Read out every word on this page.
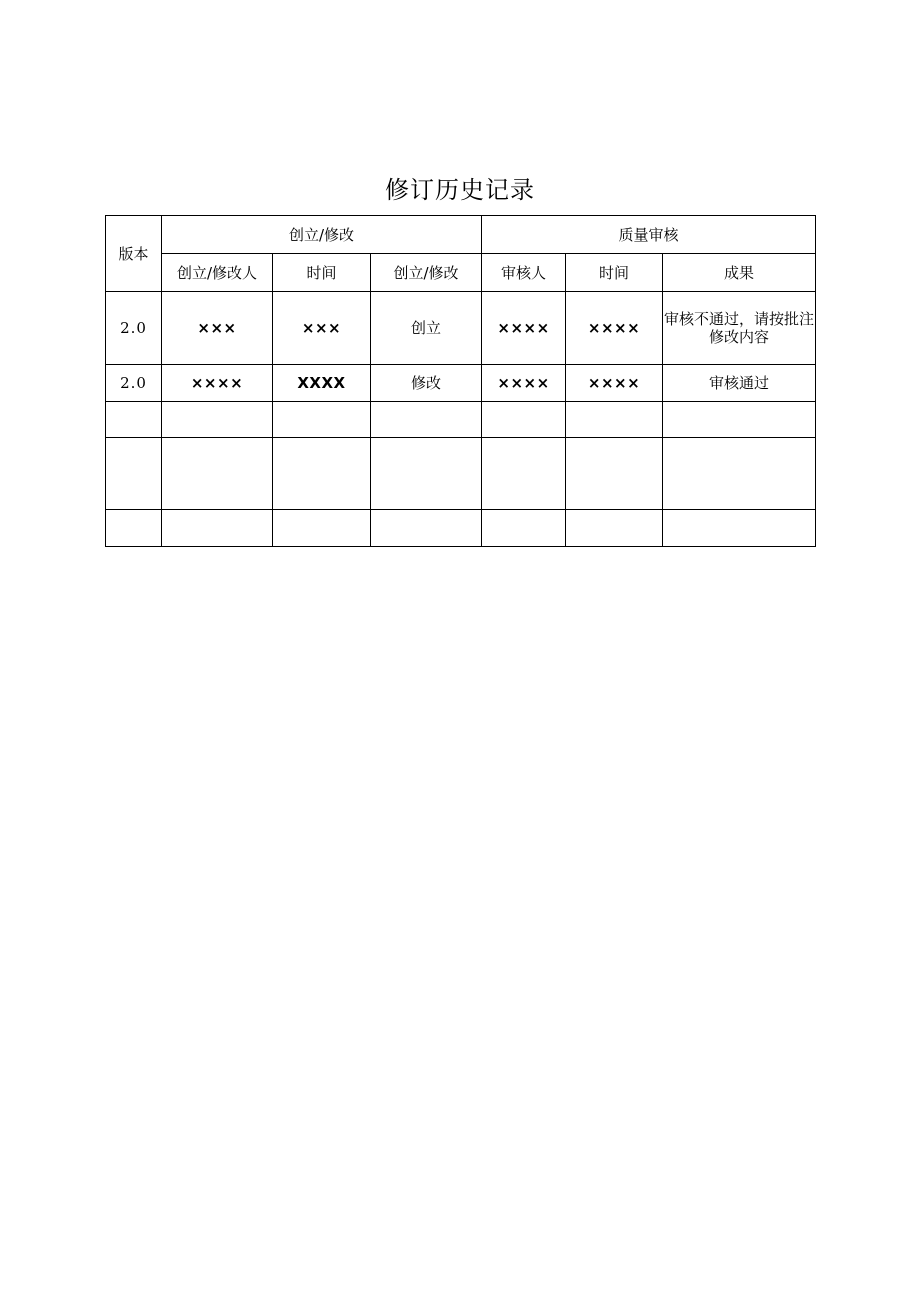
修订历史记录
版本	创立/修改			质量审核		
	创立/修改人	时间	创立/修改	审核人	时间	成果
2.0	×××	×××	创立	××××	××××	审核不通过，请按批注修改内容
2.0	××××	XXXX	修改	××××	××××	审核通过
